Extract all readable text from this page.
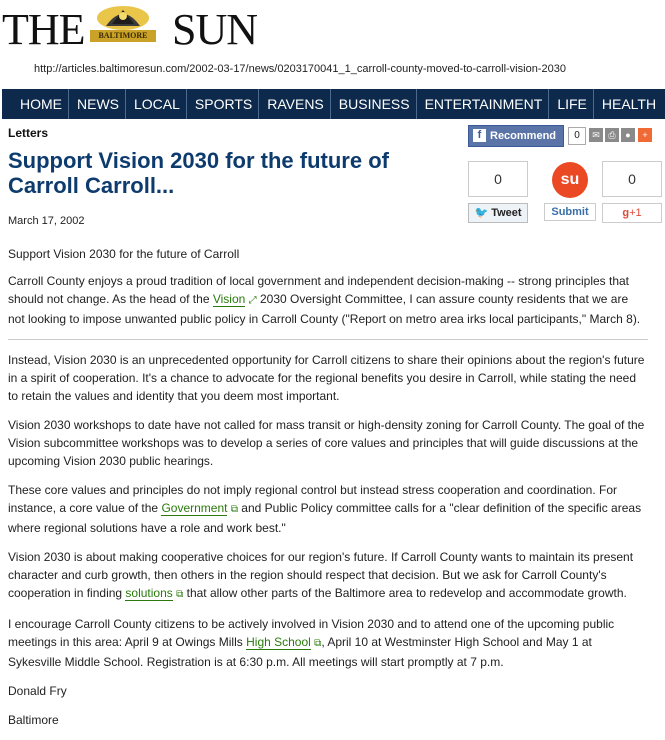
THE	BALTIMORE SUN
http://articles.baltimoresun.com/2002-03-17/news/0203170041_1_carroll-county-moved-to-carroll-vision-2030
HOME NEWS LOCAL SPORTS RAVENS BUSINESS ENTERTAINMENT LIFE HEALTH
Letters
Support Vision 2030 for the future of Carroll Carroll...
March 17, 2002
f Recommend	0	✉ ⎙	●	+
0
🐦 Tweet
su
Submit
0
g+1

Support Vision 2030 for the future of Carroll

Carroll County enjoys a proud tradition of local government and independent decision-making -- strong principles that should not change. As the head of the Vision ⤢ 2030 Oversight Committee, I can assure county residents that we are not looking to impose unwanted public policy in Carroll County ("Report on metro area irks local participants," March 8).

Instead, Vision 2030 is an unprecedented opportunity for Carroll citizens to share their opinions about the region's future in a spirit of cooperation. It's a chance to advocate for the regional benefits you desire in Carroll, while stating the need to retain the values and identity that you deem most important.

Vision 2030 workshops to date have not called for mass transit or high-density zoning for Carroll County. The goal of the Vision subcommittee workshops was to develop a series of core values and principles that will guide discussions at the upcoming Vision 2030 public hearings.

These core values and principles do not imply regional control but instead stress cooperation and coordination. For instance, a core value of the Government ⧉ and Public Policy committee calls for a "clear definition of the specific areas where regional solutions have a role and work best."

Vision 2030 is about making cooperative choices for our region's future. If Carroll County wants to maintain its present character and curb growth, then others in the region should respect that decision. But we ask for Carroll County's cooperation in finding solutions ⧉ that allow other parts of the Baltimore area to redevelop and accommodate growth.

I encourage Carroll County citizens to be actively involved in Vision 2030 and to attend one of the upcoming public meetings in this area: April 9 at Owings Mills High School ⧉, April 10 at Westminster High School and May 1 at Sykesville Middle School. Registration is at 6:30 p.m. All meetings will start promptly at 7 p.m.

Donald Fry

Baltimore
